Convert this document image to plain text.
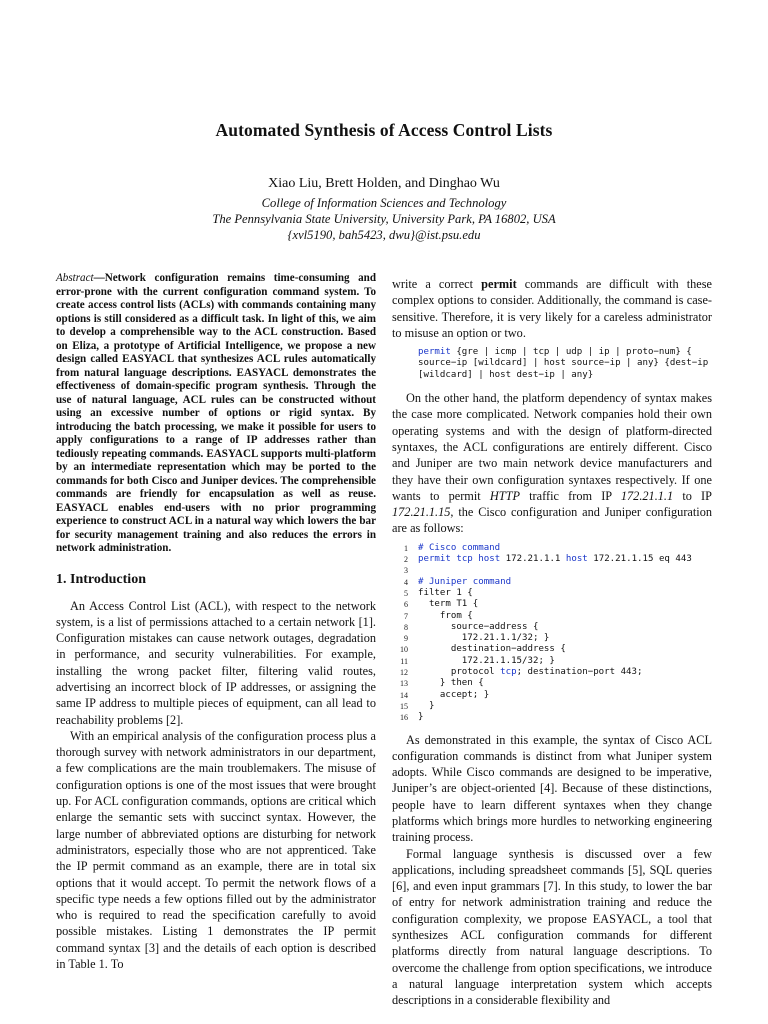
Automated Synthesis of Access Control Lists
Xiao Liu, Brett Holden, and Dinghao Wu
College of Information Sciences and Technology
The Pennsylvania State University, University Park, PA 16802, USA
{xvl5190, bah5423, dwu}@ist.psu.edu

Abstract—Network configuration remains time-consuming and error-prone with the current configuration command system. To create access control lists (ACLs) with commands containing many options is still considered as a difficult task. In light of this, we aim to develop a comprehensible way to the ACL construction. Based on Eliza, a prototype of Artificial Intelligence, we propose a new design called EASYACL that synthesizes ACL rules automatically from natural language descriptions. EASYACL demonstrates the effectiveness of domain-specific program synthesis. Through the use of natural language, ACL rules can be constructed without using an excessive number of options or rigid syntax. By introducing the batch processing, we make it possible for users to apply configurations to a range of IP addresses rather than tediously repeating commands. EASYACL supports multi-platform by an intermediate representation which may be ported to the commands for both Cisco and Juniper devices. The comprehensible commands are friendly for encapsulation as well as reuse. EASYACL enables end-users with no prior programming experience to construct ACL in a natural way which lowers the bar for security management training and also reduces the errors in network administration.

1. Introduction

An Access Control List (ACL), with respect to the network system, is a list of permissions attached to a certain network [1]. Configuration mistakes can cause network outages, degradation in performance, and security vulnerabilities. For example, installing the wrong packet filter, filtering valid routes, advertising an incorrect block of IP addresses, or assigning the same IP address to multiple pieces of equipment, can all lead to reachability problems [2].

With an empirical analysis of the configuration process plus a thorough survey with network administrators in our department, a few complications are the main troublemakers. The misuse of configuration options is one of the most issues that were brought up. For ACL configuration commands, options are critical which enlarge the semantic sets with succinct syntax. However, the large number of abbreviated options are disturbing for network administrators, especially those who are not apprenticed. Take the IP permit command as an example, there are in total six options that it would accept. To permit the network flows of a specific type needs a few options filled out by the administrator who is required to read the specification carefully to avoid possible mistakes. Listing 1 demonstrates the IP permit command syntax [3] and the details of each option is described in Table 1. To

write a correct permit commands are difficult with these complex options to consider. Additionally, the command is case-sensitive. Therefore, it is very likely for a careless administrator to misuse an option or two.

permit {gre | icmp | tcp | udp | ip | proto−num} {
source−ip [wildcard] | host source−ip | any} {dest−ip
[wildcard] | host dest−ip | any}

On the other hand, the platform dependency of syntax makes the case more complicated. Network companies hold their own operating systems and with the design of platform-directed syntaxes, the ACL configurations are entirely different. Cisco and Juniper are two main network device manufacturers and they have their own configuration syntaxes respectively. If one wants to permit HTTP traffic from IP 172.21.1.1 to IP 172.21.1.15, the Cisco configuration and Juniper configuration are as follows:

1 # Cisco command
2 permit tcp host 172.21.1.1 host 172.21.1.15 eq 443
3
4 # Juniper command
5 filter 1 {
6 term T1 {
7 from {
8 source−address {
9 172.21.1.1/32; }
10 destination−address {
11 172.21.1.15/32; }
12 protocol tcp; destination−port 443;
13 } then {
14 accept; }
15 }
16 }

As demonstrated in this example, the syntax of Cisco ACL configuration commands is distinct from what Juniper system adopts. While Cisco commands are designed to be imperative, Juniper’s are object-oriented [4]. Because of these distinctions, people have to learn different syntaxes when they change platforms which brings more hurdles to networking engineering training process.

Formal language synthesis is discussed over a few applications, including spreadsheet commands [5], SQL queries [6], and even input grammars [7]. In this study, to lower the bar of entry for network administration training and reduce the configuration complexity, we propose EASYACL, a tool that synthesizes ACL configuration commands for different platforms directly from natural language descriptions. To overcome the challenge from option specifications, we introduce a natural language interpretation system which accepts descriptions in a considerable flexibility and
